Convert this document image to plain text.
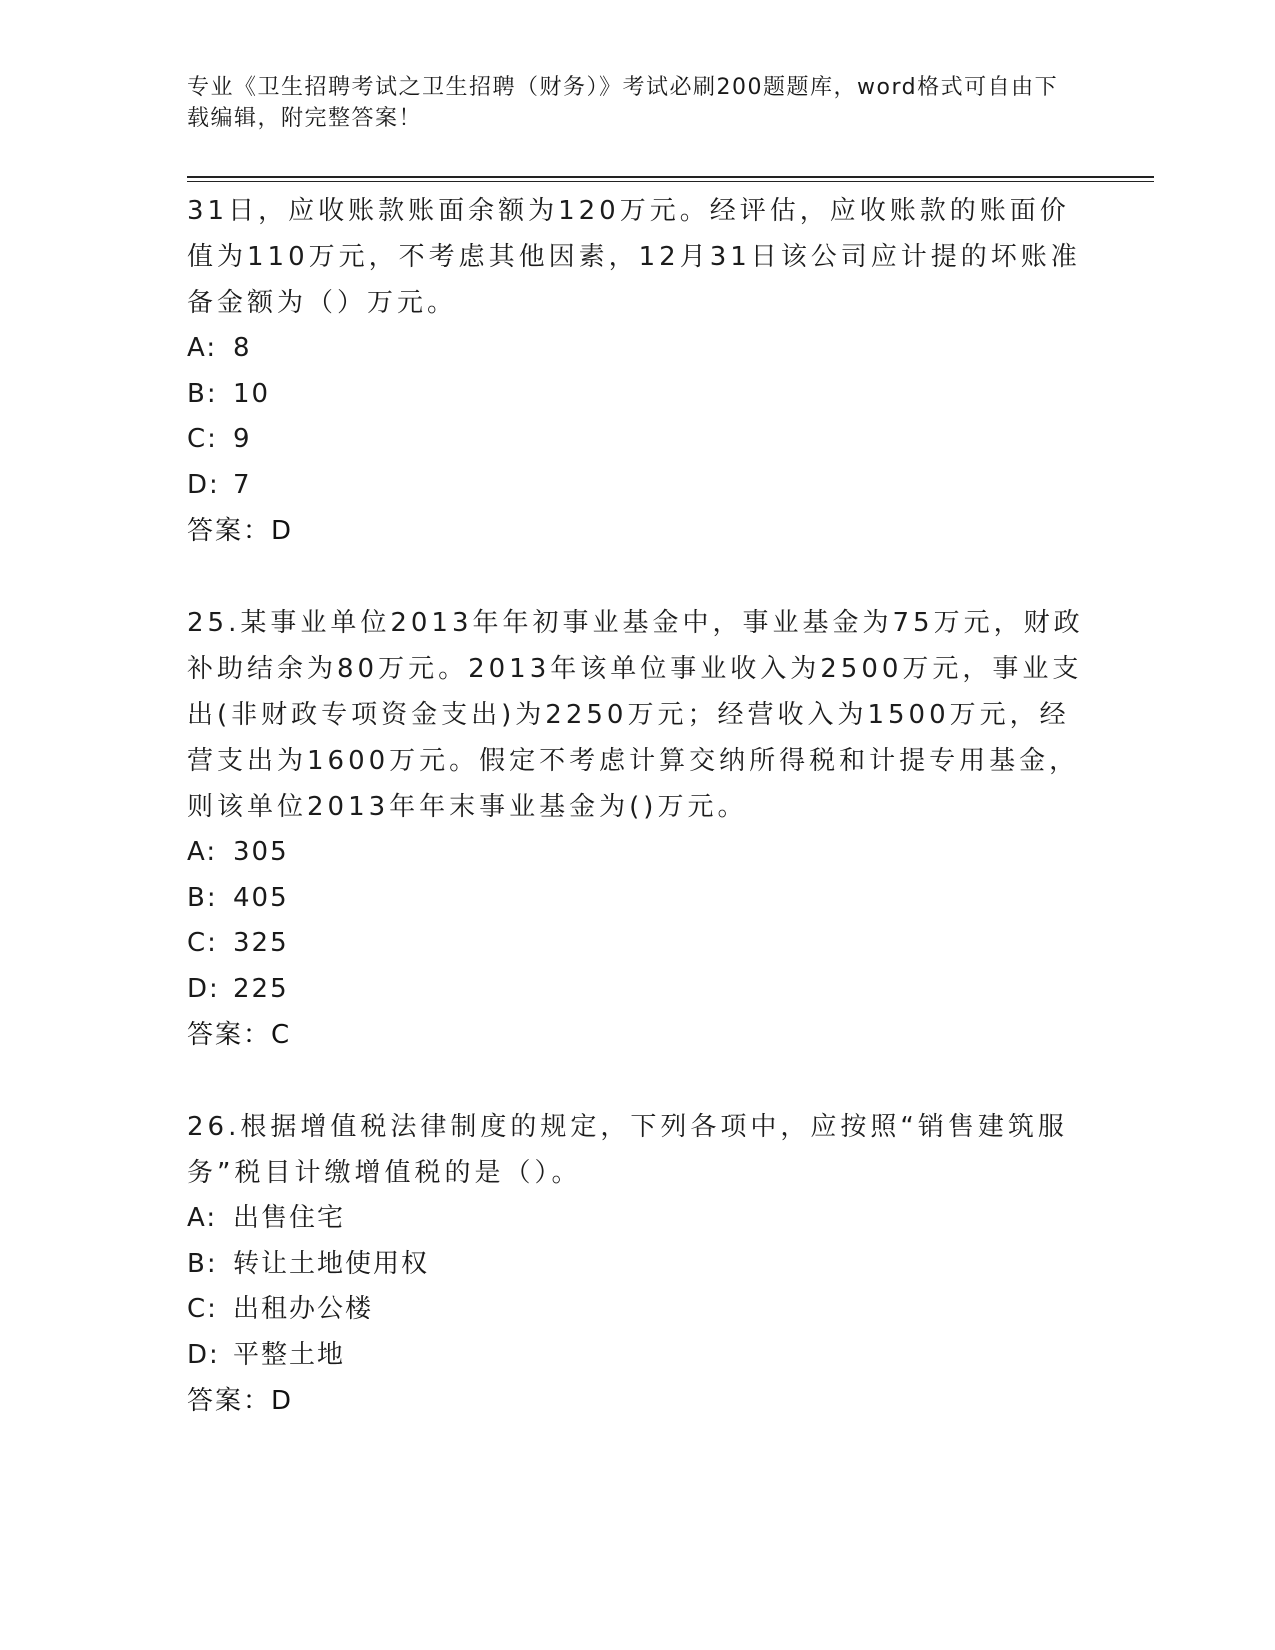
专业《卫生招聘考试之卫生招聘（财务）》考试必刷200题题库，word格式可自由下载编辑，附完整答案！

31日，应收账款账面余额为120万元。经评估，应收账款的账面价值为110万元，不考虑其他因素，12月31日该公司应计提的坏账准备金额为（）万元。

A: 8
B: 10
C: 9
D: 7

答案：D

25.某事业单位2013年年初事业基金中，事业基金为75万元，财政补助结余为80万元。2013年该单位事业收入为2500万元，事业支出(非财政专项资金支出)为2250万元；经营收入为1500万元，经营支出为1600万元。假定不考虑计算交纳所得税和计提专用基金，则该单位2013年年末事业基金为()万元。

A: 305
B: 405
C: 325
D: 225

答案：C

26.根据增值税法律制度的规定，下列各项中，应按照“销售建筑服务”税目计缴增值税的是（）。

A: 出售住宅
B: 转让土地使用权
C: 出租办公楼
D: 平整土地

答案：D
